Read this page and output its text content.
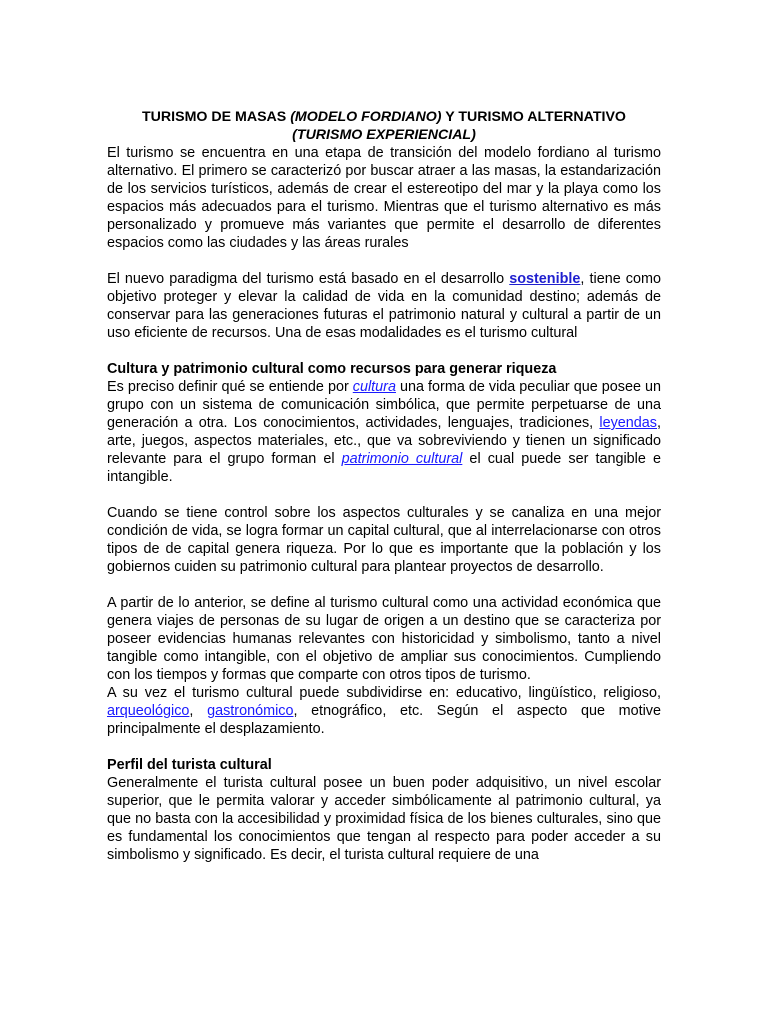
TURISMO DE MASAS (MODELO FORDIANO) Y TURISMO ALTERNATIVO
(TURISMO EXPERIENCIAL)

El turismo se encuentra en una etapa de transición del modelo fordiano al turismo alternativo. El primero se caracterizó por buscar atraer a las masas, la estandarización de los servicios turísticos, además de crear el estereotipo del mar y la playa como los espacios más adecuados para el turismo. Mientras que el turismo alternativo es más personalizado y promueve más variantes que permite el desarrollo de diferentes espacios como las ciudades y las áreas rurales

El nuevo paradigma del turismo está basado en el desarrollo sostenible, tiene como objetivo proteger y elevar la calidad de vida en la comunidad destino; además de conservar para las generaciones futuras el patrimonio natural y cultural a partir de un uso eficiente de recursos. Una de esas modalidades es el turismo cultural

Cultura y patrimonio cultural como recursos para generar riqueza

Es preciso definir qué se entiende por cultura una forma de vida peculiar que posee un grupo con un sistema de comunicación simbólica, que permite perpetuarse de una generación a otra. Los conocimientos, actividades, lenguajes, tradiciones, leyendas, arte, juegos, aspectos materiales, etc., que va sobreviviendo y tienen un significado relevante para el grupo forman el patrimonio cultural el cual puede ser tangible e intangible.

Cuando se tiene control sobre los aspectos culturales y se canaliza en una mejor condición de vida, se logra formar un capital cultural, que al interrelacionarse con otros tipos de de capital genera riqueza. Por lo que es importante que la población y los gobiernos cuiden su patrimonio cultural para plantear proyectos de desarrollo.

A partir de lo anterior, se define al turismo cultural como una actividad económica que genera viajes de personas de su lugar de origen a un destino que se caracteriza por poseer evidencias humanas relevantes con historicidad y simbolismo, tanto a nivel tangible como intangible, con el objetivo de ampliar sus conocimientos. Cumpliendo con los tiempos y formas que comparte con otros tipos de turismo.

A su vez el turismo cultural puede subdividirse en: educativo, lingüístico, religioso, arqueológico, gastronómico, etnográfico, etc. Según el aspecto que motive principalmente el desplazamiento.

Perfil del turista cultural

Generalmente el turista cultural posee un buen poder adquisitivo, un nivel escolar superior, que le permita valorar y acceder simbólicamente al patrimonio cultural, ya que no basta con la accesibilidad y proximidad física de los bienes culturales, sino que es fundamental los conocimientos que tengan al respecto para poder acceder a su simbolismo y significado. Es decir, el turista cultural requiere de una
